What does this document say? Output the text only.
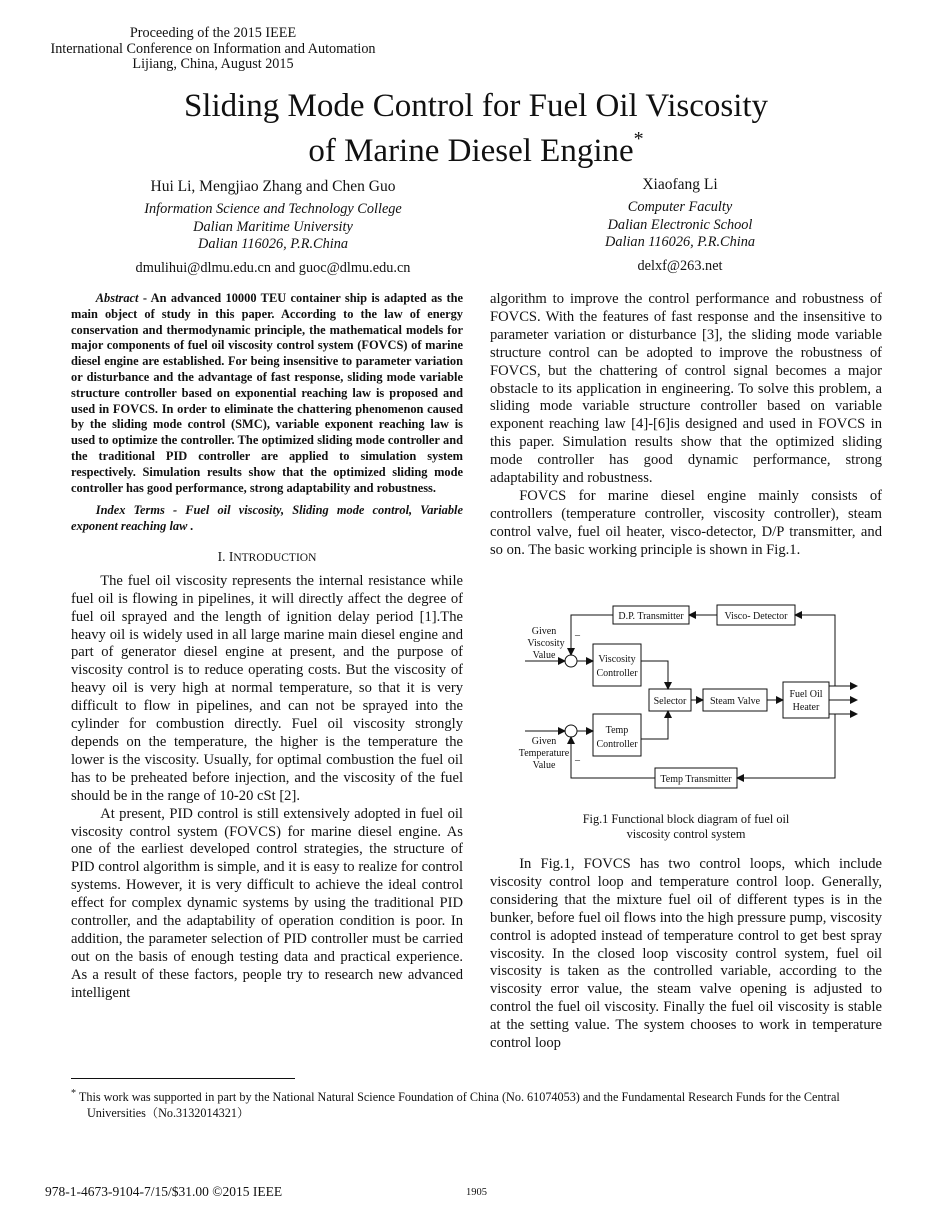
Proceeding of the 2015 IEEE
International Conference on Information and Automation
Lijiang, China, August 2015
Sliding Mode Control for Fuel Oil Viscosity
of Marine Diesel Engine*
Hui Li, Mengjiao Zhang and Chen Guo
Information Science and Technology College
Dalian Maritime University
Dalian 116026, P.R.China
dmulihui@dlmu.edu.cn and guoc@dlmu.edu.cn
Xiaofang Li
Computer Faculty
Dalian Electronic School
Dalian 116026, P.R.China
delxf@263.net

Abstract - An advanced 10000 TEU container ship is adapted as the main object of study in this paper. According to the law of energy conservation and thermodynamic principle, the mathematical models for major components of fuel oil viscosity control system (FOVCS) of marine diesel engine are established. For being insensitive to parameter variation or disturbance and the advantage of fast response, sliding mode variable structure controller based on exponential reaching law is proposed and used in FOVCS. In order to eliminate the chattering phenomenon caused by the sliding mode control (SMC), variable exponent reaching law is used to optimize the controller. The optimized sliding mode controller and the traditional PID controller are applied to simulation system respectively. Simulation results show that the optimized sliding mode controller has good performance, strong adaptability and robustness.

Index Terms - Fuel oil viscosity, Sliding mode control, Variable exponent reaching law .

I. INTRODUCTION

The fuel oil viscosity represents the internal resistance while fuel oil is flowing in pipelines, it will directly affect the degree of fuel oil sprayed and the length of ignition delay period [1].The heavy oil is widely used in all large marine main diesel engine and part of generator diesel engine at present, and the purpose of viscosity control is to reduce operating costs. But the viscosity of heavy oil is very high at normal temperature, so that it is very difficult to flow in pipelines, and can not be sprayed into the cylinder for combustion directly. Fuel oil viscosity strongly depends on the temperature, the higher is the temperature the lower is the viscosity. Usually, for optimal combustion the fuel oil has to be preheated before injection, and the viscosity of the fuel should be in the range of 10-20 cSt [2].

At present, PID control is still extensively adopted in fuel oil viscosity control system (FOVCS) for marine diesel engine. As one of the earliest developed control strategies, the structure of PID control algorithm is simple, and it is easy to realize for control systems. However, it is very difficult to achieve the ideal control effect for complex dynamic systems by using the traditional PID controller, and the adaptability of operation condition is poor. In addition, the parameter selection of PID controller must be carried out on the basis of enough testing data and practical experience. As a result of these factors, people try to research new advanced intelligent

algorithm to improve the control performance and robustness of FOVCS. With the features of fast response and the insensitive to parameter variation or disturbance [3], the sliding mode variable structure control can be adopted to improve the robustness of FOVCS, but the chattering of control signal becomes a major obstacle to its application in engineering. To solve this problem, a sliding mode variable structure controller based on variable exponent reaching law [4]-[6]is designed and used in FOVCS in this paper. Simulation results show that the optimized sliding mode controller has good dynamic performance, strong adaptability and robustness.

FOVCS for marine diesel engine mainly consists of controllers (temperature controller, viscosity controller), steam control valve, fuel oil heater, visco-detector, D/P transmitter, and so on. The basic working principle is shown in Fig.1.

D.P. Transmitter	Visco- Detector
Viscosity
Controller
Selector Steam Valve
Fuel Oil
Heater
Temp
Controller
Temp Transmitter
Given
Viscosity
Value
Given
Temperature
Value
_
_
Fig.1 Functional block diagram of fuel oil
viscosity control system

In Fig.1, FOVCS has two control loops, which include viscosity control loop and temperature control loop. Generally, considering that the mixture fuel oil of different types is in the bunker, before fuel oil flows into the high pressure pump, viscosity control is adopted instead of temperature control to get best spray viscosity. In the closed loop viscosity control system, fuel oil viscosity is taken as the controlled variable, according to the viscosity error value, the steam valve opening is adjusted to control the fuel oil viscosity. Finally the fuel oil viscosity is stable at the setting value. The system chooses to work in temperature control loop

* This work was supported in part by the National Natural Science Foundation of China (No. 61074053) and the Fundamental Research Funds for the Central
Universities（No.3132014321）
978-1-4673-9104-7/15/$31.00 ©2015 IEEE	1905
